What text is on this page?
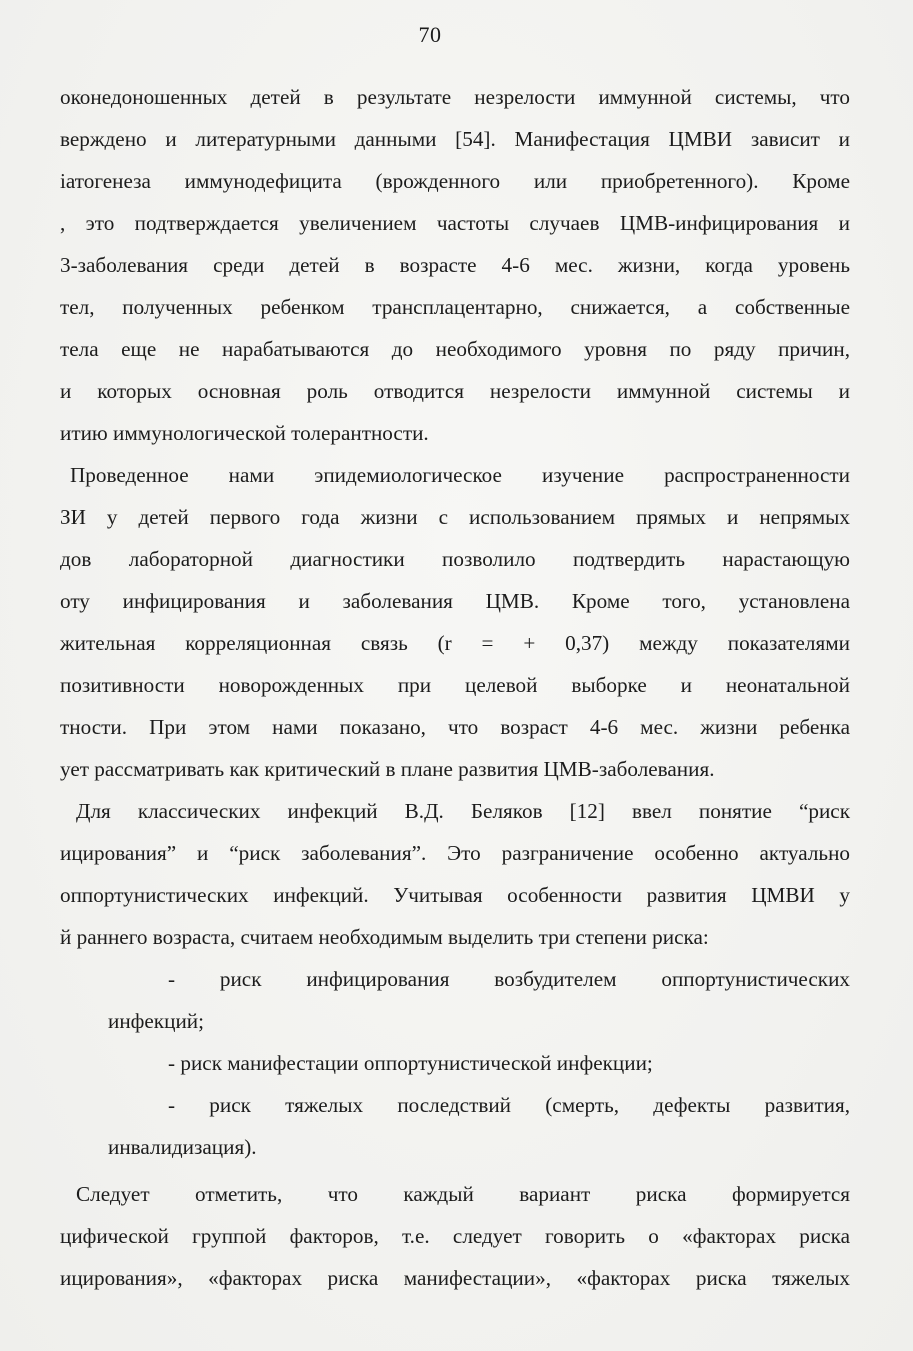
70
оконедоношенных детей в результате незрелости иммунной системы, что
верждено и литературными данными [54]. Манифестация ЦМВИ зависит и
іатогенеза иммунодефицита (врожденного или приобретенного). Кроме
, это подтверждается увеличением частоты случаев ЦМВ-инфицирования и
3-заболевания среди детей в возрасте 4-6 мес. жизни, когда уровень
тел, полученных ребенком трансплацентарно, снижается, а собственные
тела еще не нарабатываются до необходимого уровня по ряду причин,
и которых основная роль отводится незрелости иммунной системы и
итию иммунологической толерантности.
Проведенное нами эпидемиологическое изучение распространенности
ЗИ у детей первого года жизни с использованием прямых и непрямых
дов лабораторной диагностики позволило подтвердить нарастающую
оту инфицирования и заболевания ЦМВ. Кроме того, установлена
жительная корреляционная связь (r = + 0,37) между показателями
позитивности новорожденных при целевой выборке и неонатальной
тности. При этом нами показано, что возраст 4-6 мес. жизни ребенка
ует рассматривать как критический в плане развития ЦМВ-заболевания.
Для классических инфекций В.Д. Беляков [12] ввел понятие “риск
ицирования” и “риск заболевания”. Это разграничение особенно актуально
оппортунистических инфекций. Учитывая особенности развития ЦМВИ у
й раннего возраста, считаем необходимым выделить три степени риска:
- риск инфицирования возбудителем оппортунистических
инфекций;
- риск манифестации оппортунистической инфекции;
- риск тяжелых последствий (смерть, дефекты развития,
инвалидизация).
Следует отметить, что каждый вариант риска формируется
цифической группой факторов, т.е. следует говорить о «факторах риска
ицирования», «факторах риска манифестации», «факторах риска тяжелых
